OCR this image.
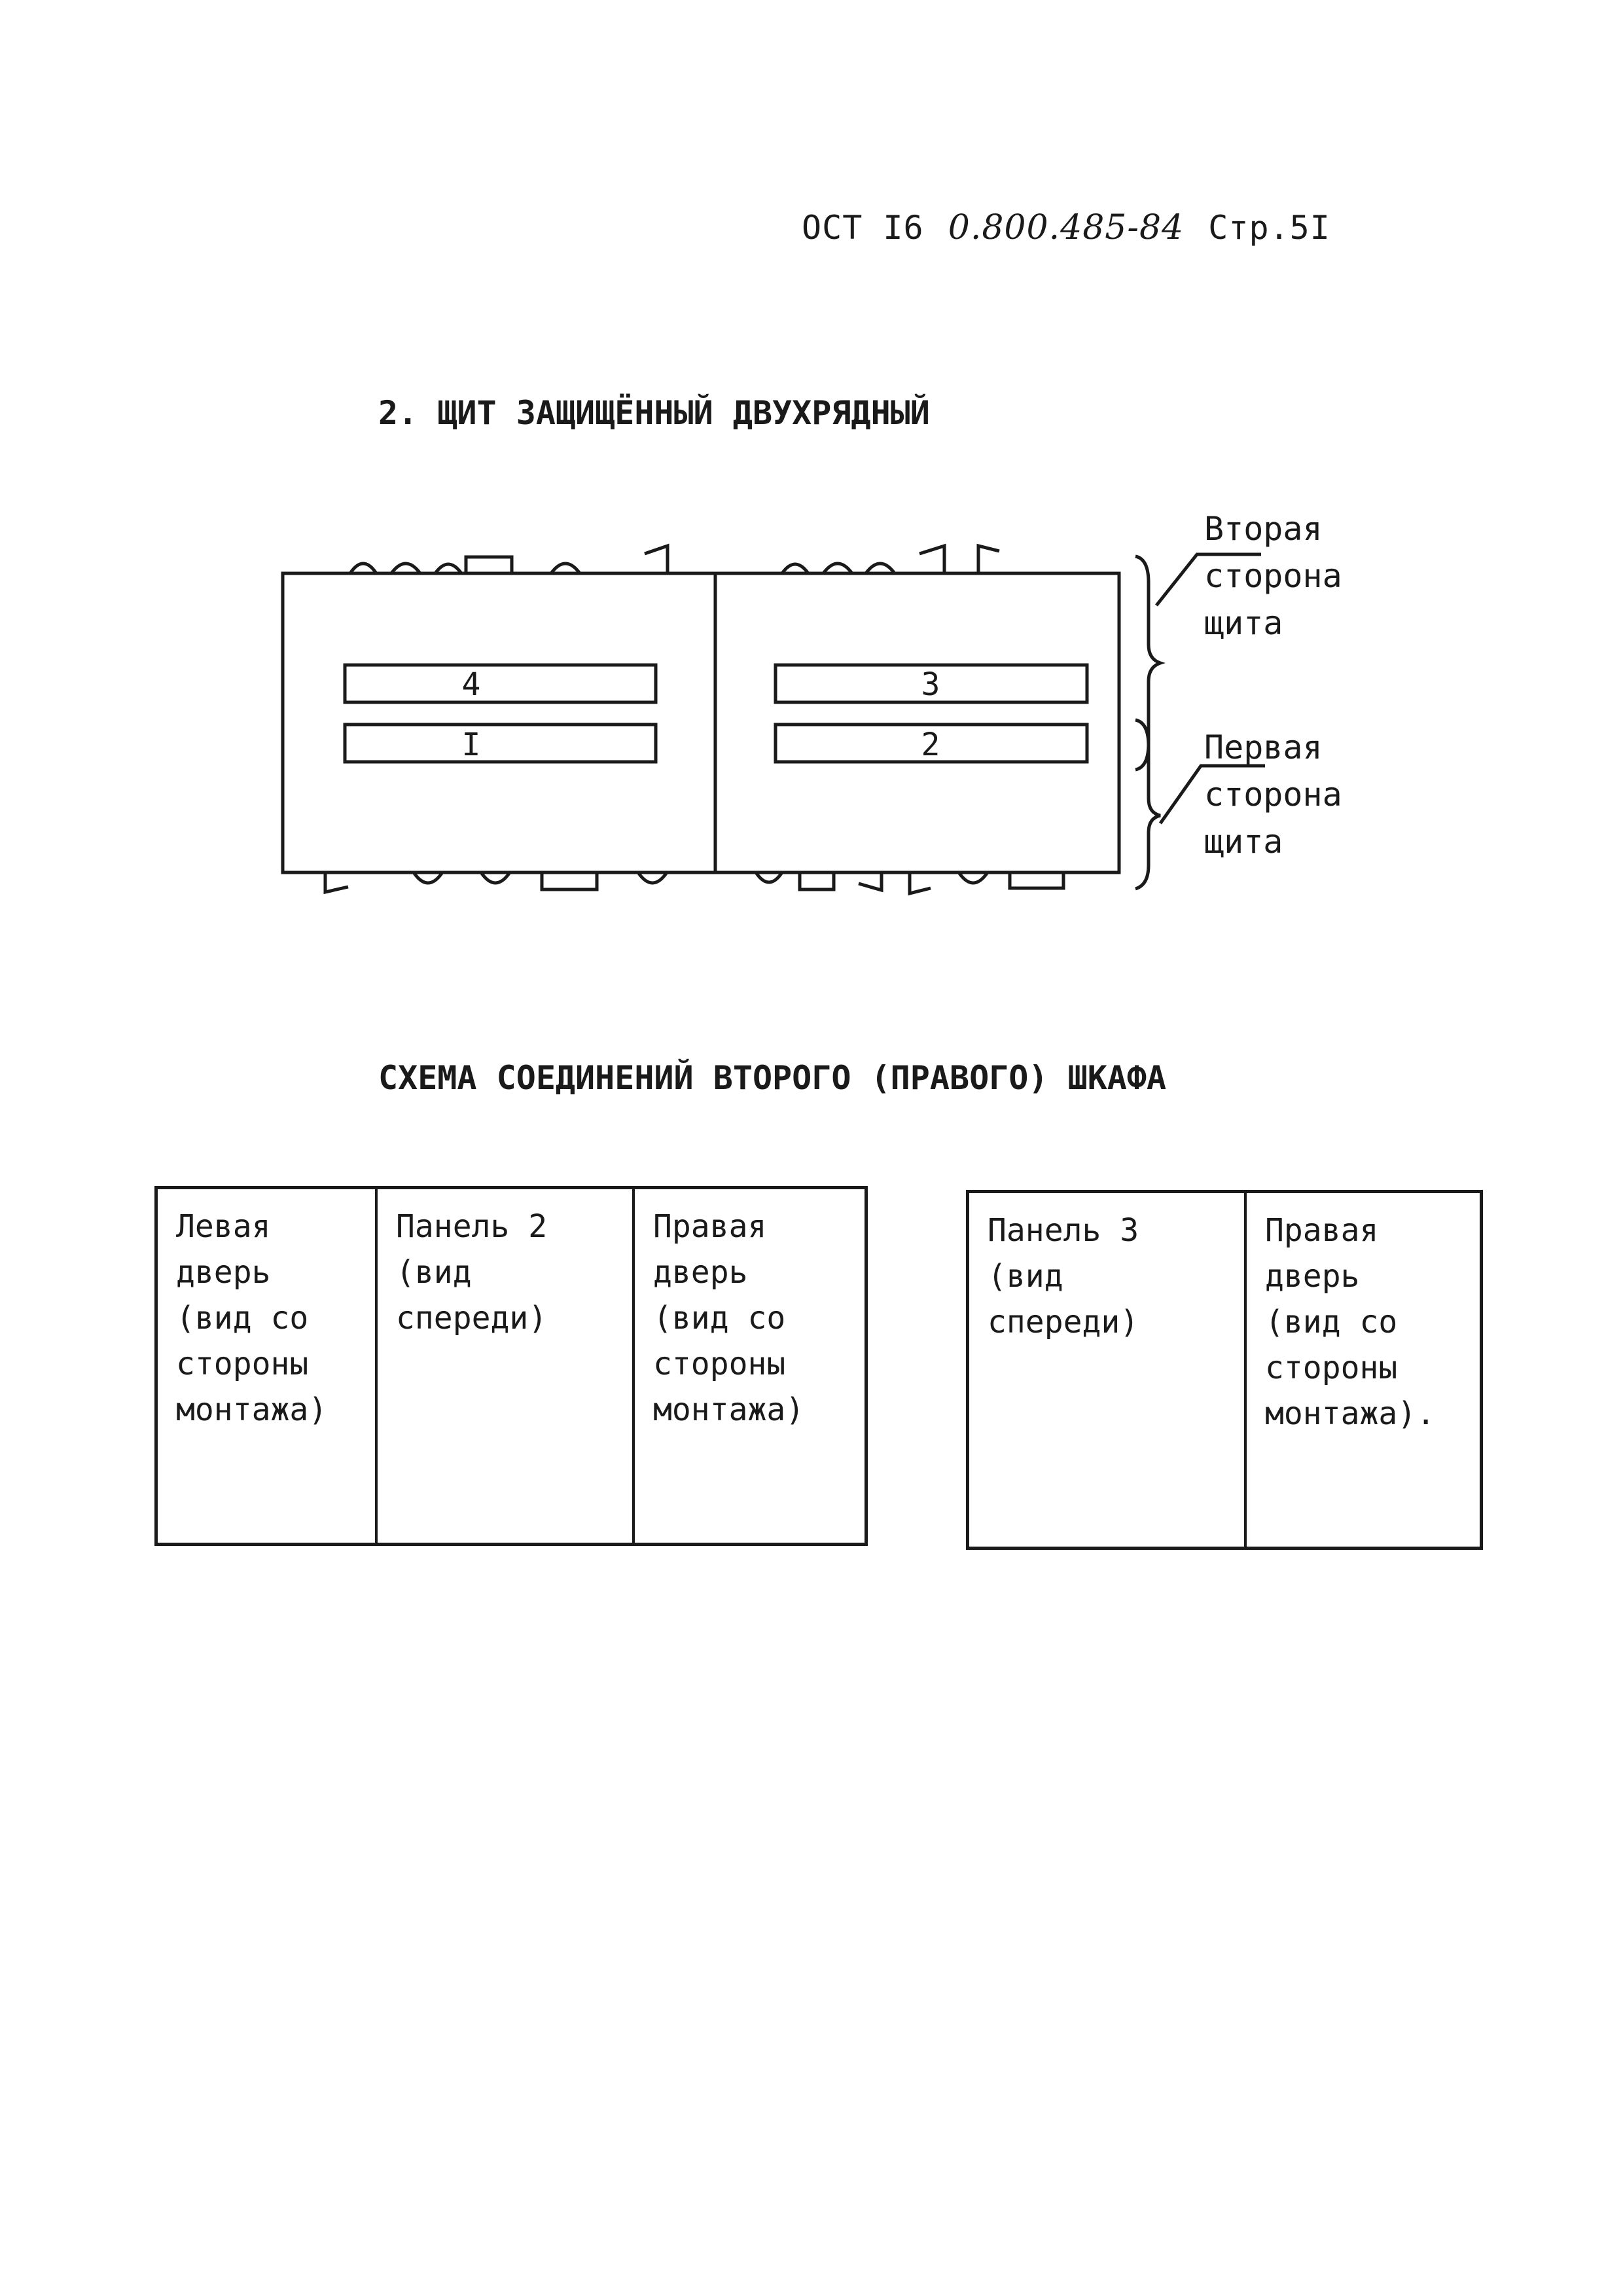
ОСТ I6 0.800.485-84 Стр.5I
2. ЩИТ ЗАЩИЩЁННЫЙ ДВУХРЯДНЫЙ
4	3
I	2
Вторая
сторона
щита
Первая
сторона
щита
СХЕМА СОЕДИНЕНИЙ ВТОРОГО (ПРАВОГО) ШКАФА
Левая
дверь
(вид со
стороны
монтажа)
Панель 2
(вид
спереди)
Правая
дверь
(вид со
стороны
монтажа)
Панель 3
(вид
спереди)
Правая
дверь
(вид со
стороны
монтажа).
